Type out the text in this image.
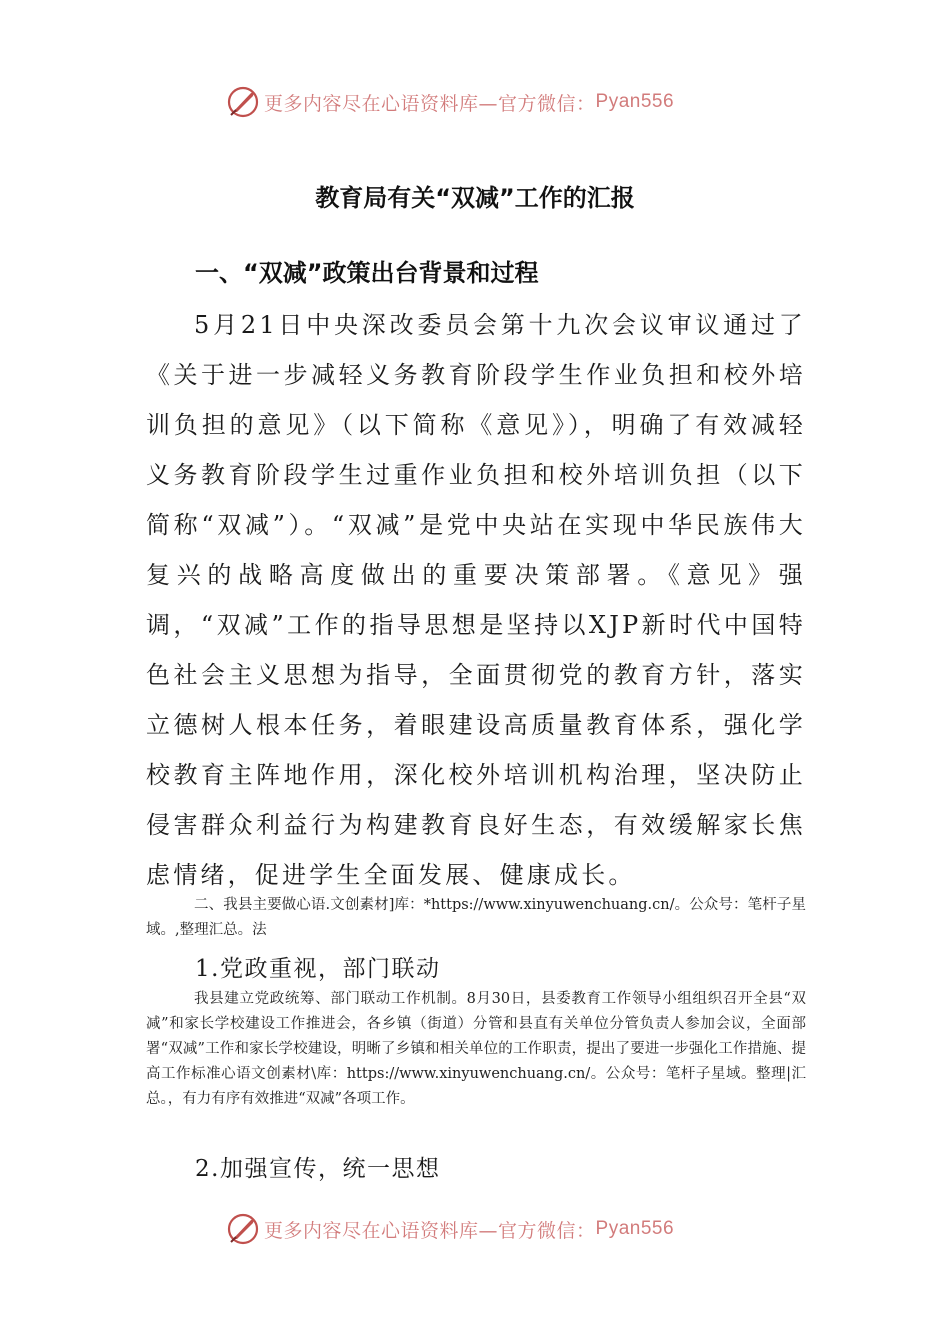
更多内容尽在心语资料库—官方微信： Pyan556
教育局有关“双减”工作的汇报
一、“双减”政策出台背景和过程

5月21日中央深改委员会第十九次会议审议通过了《关于进一步减轻义务教育阶段学生作业负担和校外培训负担的意见》（以下简称《意见》），明确了有效减轻义务教育阶段学生过重作业负担和校外培训负担（以下简称“双减”）。“双减”是党中央站在实现中华民族伟大复兴的战略高度做出的重要决策部署。《意见》强调，“双减”工作的指导思想是坚持以XJP新时代中国特色社会主义思想为指导，全面贯彻党的教育方针，落实立德树人根本任务，着眼建设高质量教育体系，强化学校教育主阵地作用，深化校外培训机构治理，坚决防止侵害群众利益行为构建教育良好生态，有效缓解家长焦虑情绪，促进学生全面发展、健康成长。

二、我县主要做心语.文创素材]库：*https://www.xinyuwenchuang.cn/。公众号：笔杆子星域。,整理汇总。法

1.党政重视，部门联动

我县建立党政统筹、部门联动工作机制。8月30日，县委教育工作领导小组组织召开全县“双减”和家长学校建设工作推进会，各乡镇（街道）分管和县直有关单位分管负责人参加会议，全面部署“双减”工作和家长学校建设，明晰了乡镇和相关单位的工作职责，提出了要进一步强化工作措施、提高工作标准心语文创素材\库：https://www.xinyuwenchuang.cn/。公众号：笔杆子星域。整理|汇总。，有力有序有效推进“双减”各项工作。

2.加强宣传，统一思想
更多内容尽在心语资料库—官方微信： Pyan556
